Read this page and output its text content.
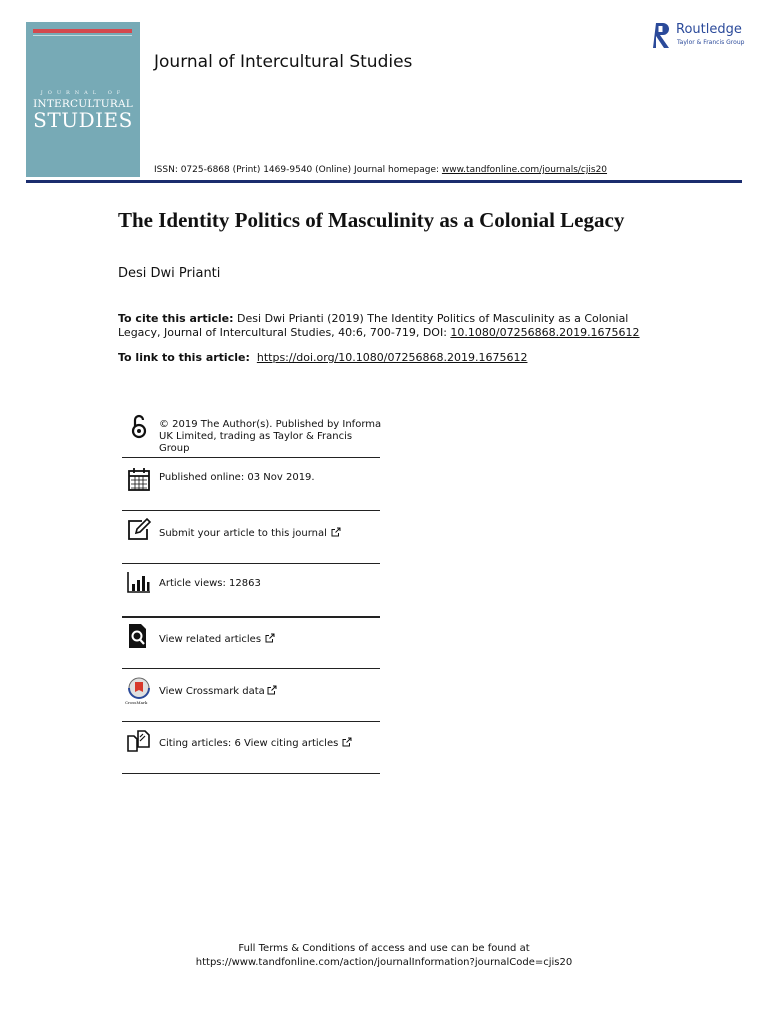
JOURNAL OF
INTERCULTURAL
STUDIES
Journal of Intercultural Studies
ISSN: 0725-6868 (Print) 1469-9540 (Online) Journal homepage: www.tandfonline.com/journals/cjis20
Routledge
Taylor & Francis Group
The Identity Politics of Masculinity as a Colonial Legacy
Desi Dwi Prianti
To cite this article: Desi Dwi Prianti (2019) The Identity Politics of Masculinity as a Colonial Legacy, Journal of Intercultural Studies, 40:6, 700-719, DOI: 10.1080/07256868.2019.1675612
To link to this article: https://doi.org/10.1080/07256868.2019.1675612
© 2019 The Author(s). Published by Informa UK Limited, trading as Taylor & Francis Group
Published online: 03 Nov 2019.
Submit your article to this journal
Article views: 12863
View related articles
CrossMark
View Crossmark data
Citing articles: 6 View citing articles
Full Terms & Conditions of access and use can be found at
https://www.tandfonline.com/action/journalInformation?journalCode=cjis20
